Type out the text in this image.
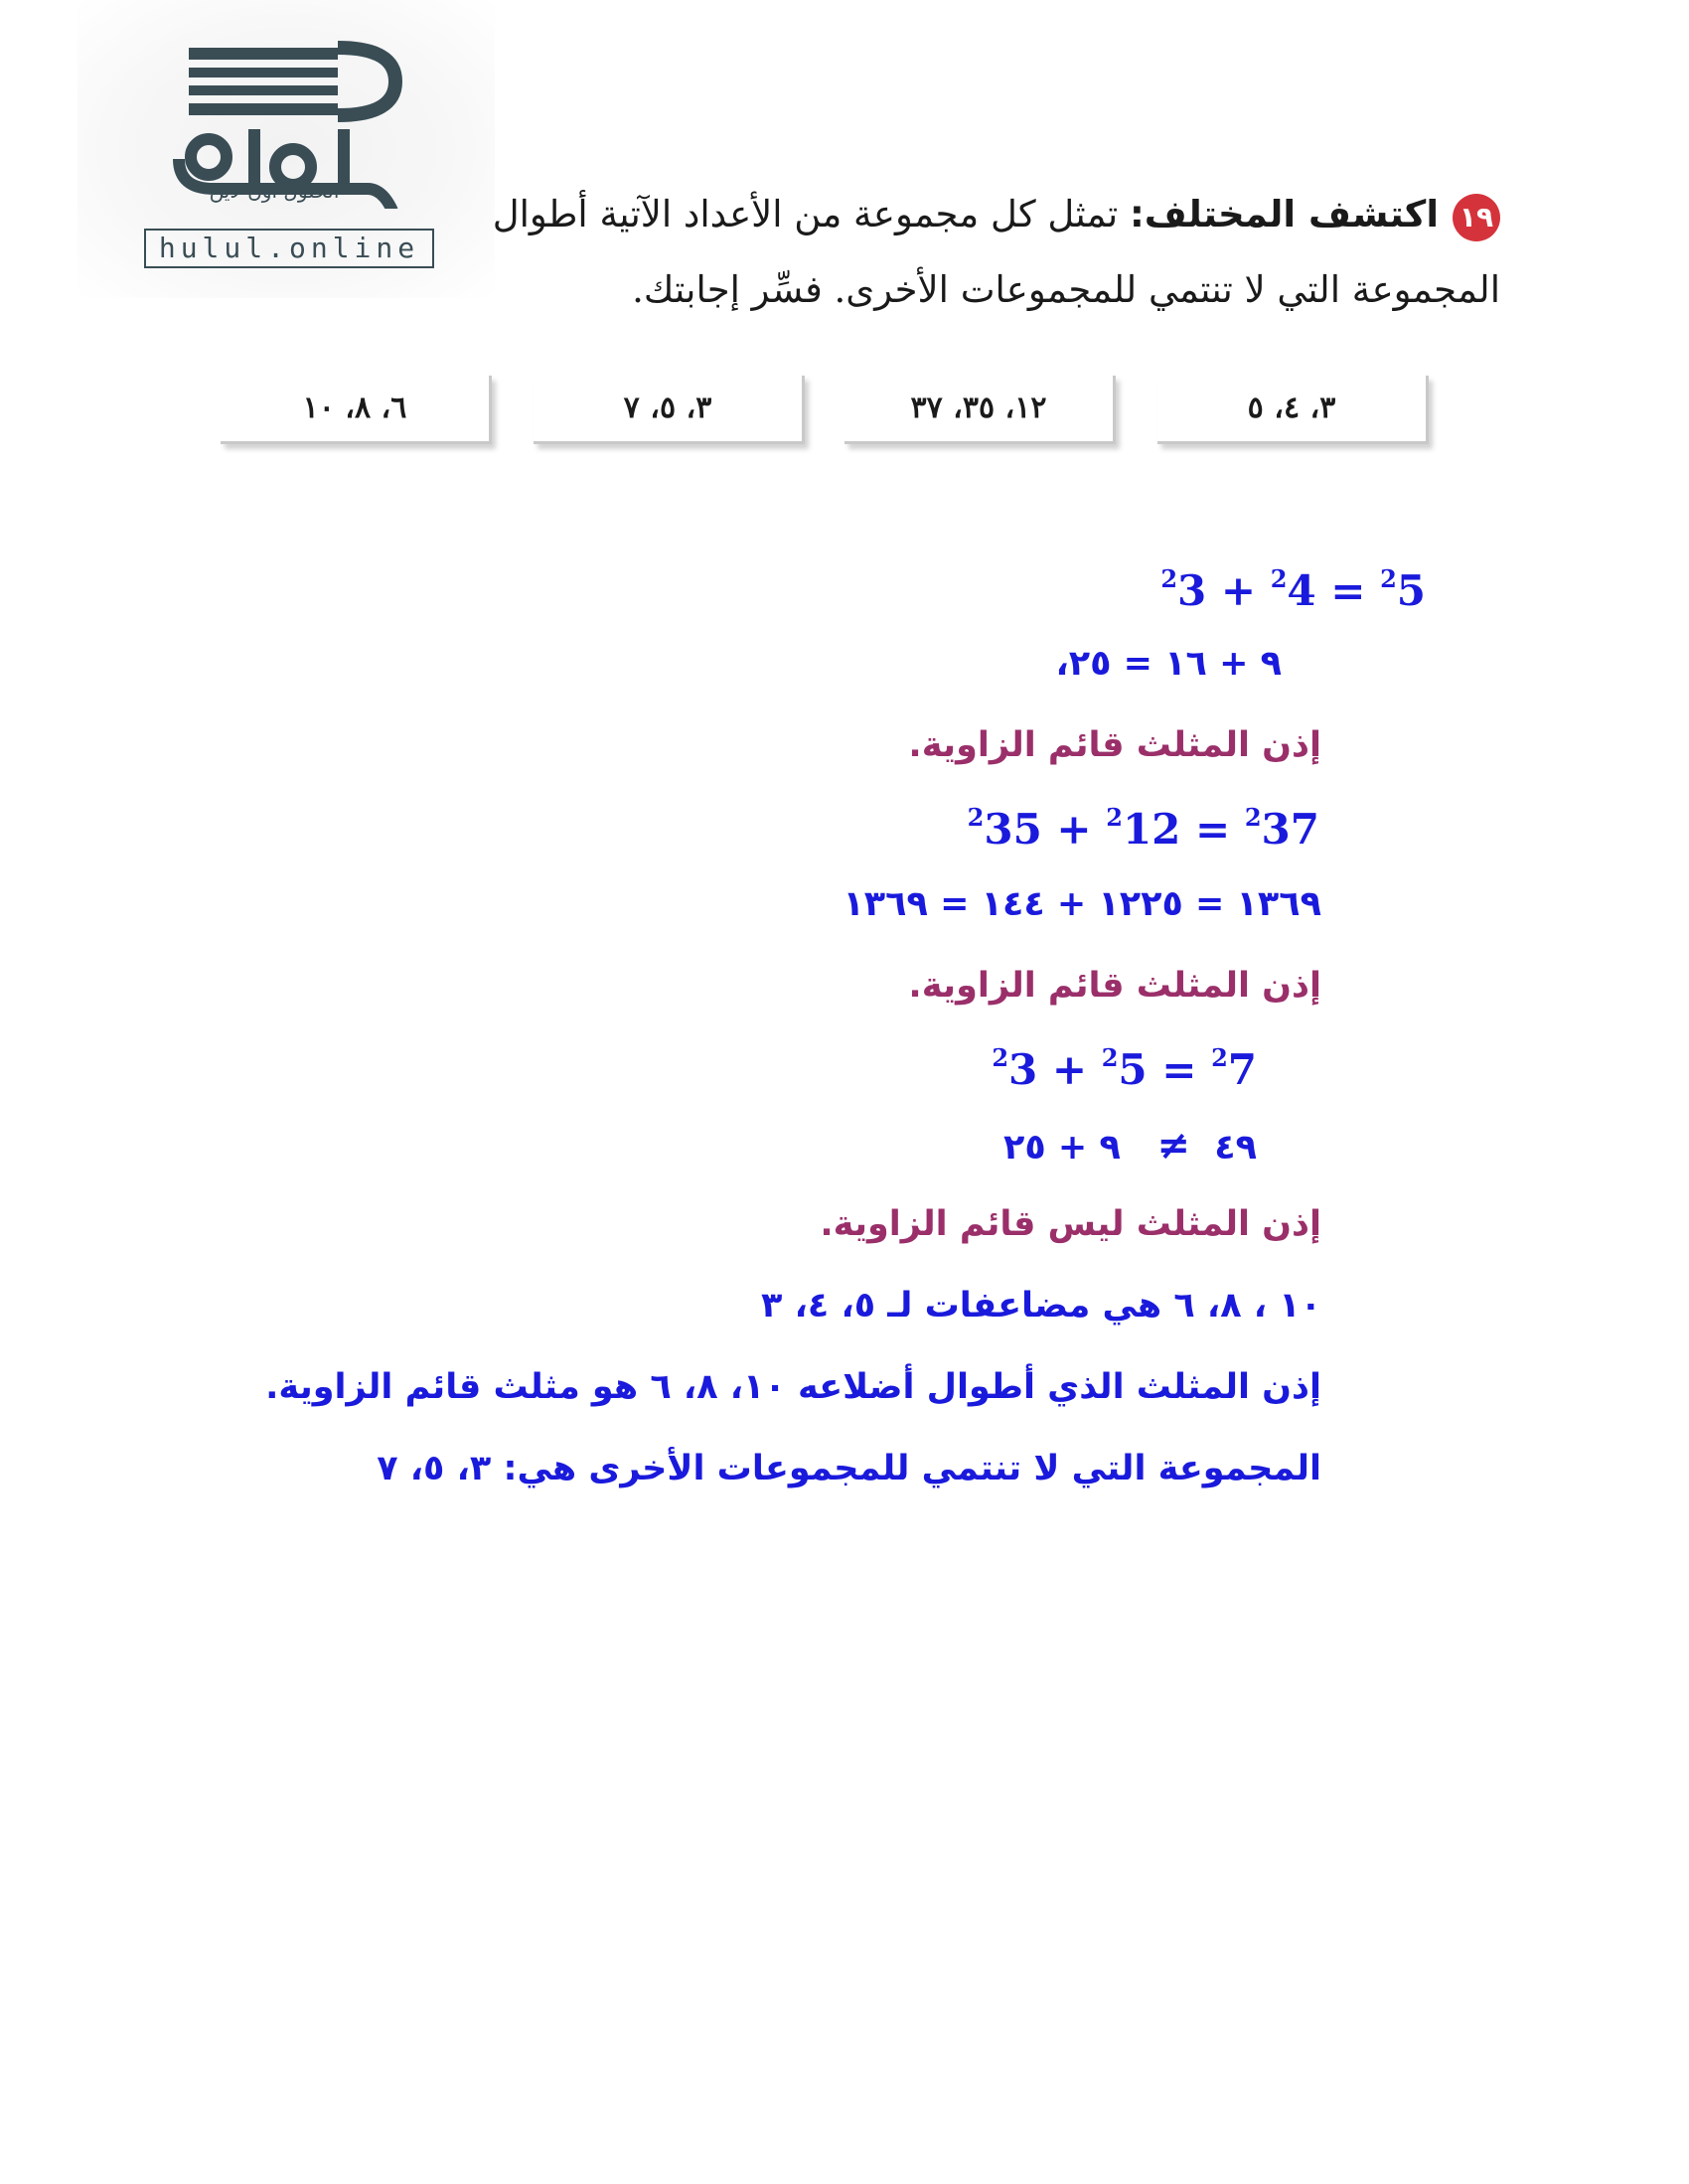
الحلول اون لاين
hulul.online
١٩اكتشف المختلف: تمثل كل مجموعة من الأعداد الآتية أطوال
المجموعة التي لا تنتمي للمجموعات الأخرى. فسِّر إجابتك.
٣، ٤، ٥
١٢، ٣٥، ٣٧
٣، ٥، ٧
٦، ٨، ١٠
$^2$3 + $^2$4 = $^2$5
٩ + ١٦ = ٢٥،
إذن المثلث قائم الزاوية.
$^2$35 + $^2$12 = $^2$37
١٣٦٩ = ١٢٢٥ + ١٤٤ = ١٣٦٩
إذن المثلث قائم الزاوية.
$^2$3 + $^2$5 = $^2$7
٤٩  ≠   ٩ + ٢٥
إذن المثلث ليس قائم الزاوية.
١٠ ، ٨، ٦ هي مضاعفات لـ ٥، ٤، ٣
إذن المثلث الذي أطوال أضلاعه ١٠، ٨، ٦ هو مثلث قائم الزاوية.
المجموعة التي لا تنتمي للمجموعات الأخرى هي: ٣، ٥، ٧
